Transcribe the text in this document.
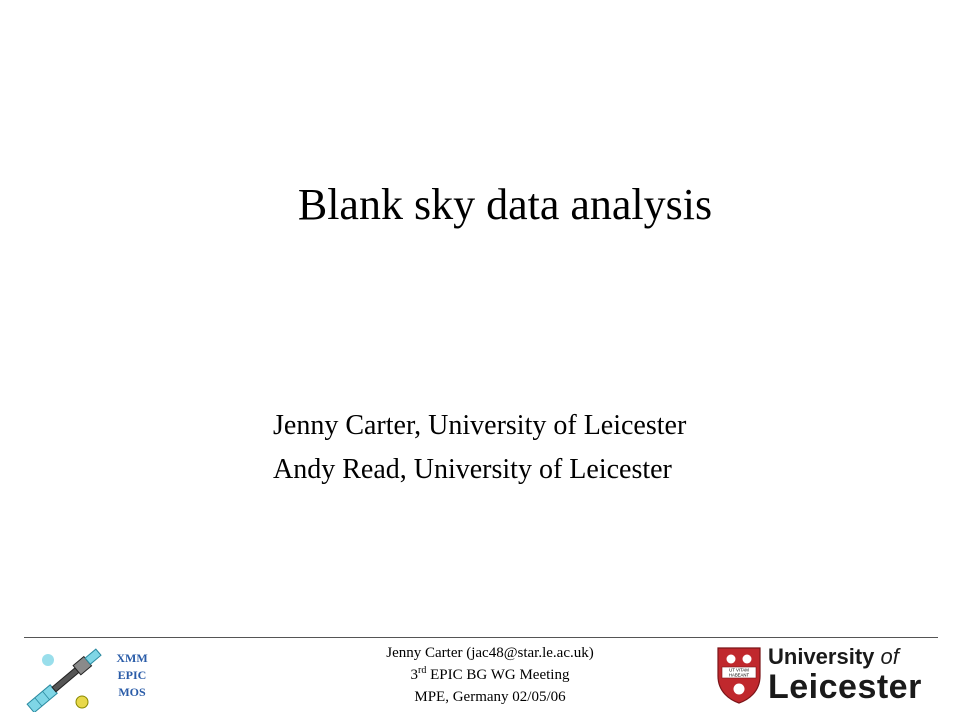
Blank sky data analysis
Jenny Carter, University of Leicester
Andy Read, University of Leicester
XMM
EPIC
MOS
Jenny Carter (jac48@star.le.ac.uk)
3rd EPIC BG WG Meeting
MPE, Germany 02/05/06
UT VITAM
HABEANT
University of
Leicester
